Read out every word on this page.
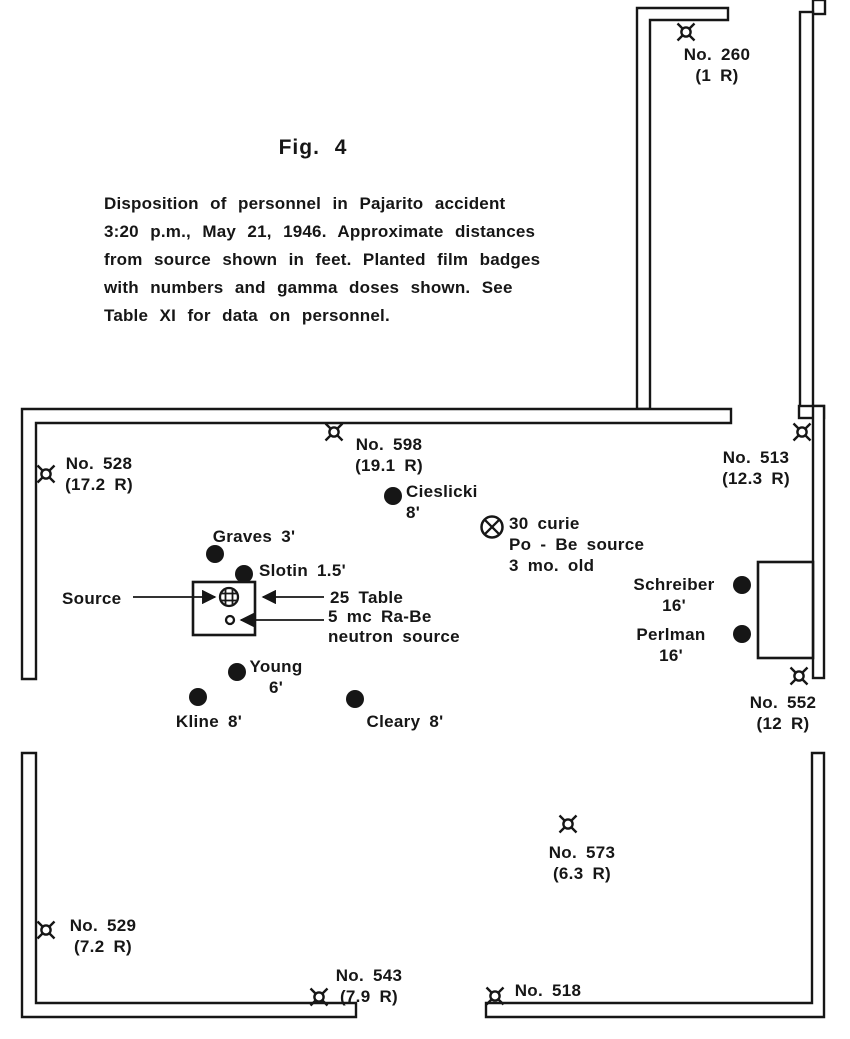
Fig. 4
Disposition of personnel in Pajarito accident
3:20 p.m., May 21, 1946. Approximate distances
from source shown in feet. Planted film badges
with numbers and gamma doses shown. See
Table XI for data on personnel.
Source	25 Table
5 mc Ra-Be
neutron source
30 curie
Po - Be source
3 mo. old
Graves 3'
Slotin 1.5'
Cieslicki
8'
Young
6'
Kline 8'	Cleary 8'
Schreiber
16'
Perlman
16'
No. 260
(1 R)
No. 528
(17.2 R)
No. 598
(19.1 R)	No. 513
(12.3 R)
No. 552
(12 R)
No. 573
(6.3 R)
No. 529
(7.2 R)
No. 543
(7.9 R)	No. 518
